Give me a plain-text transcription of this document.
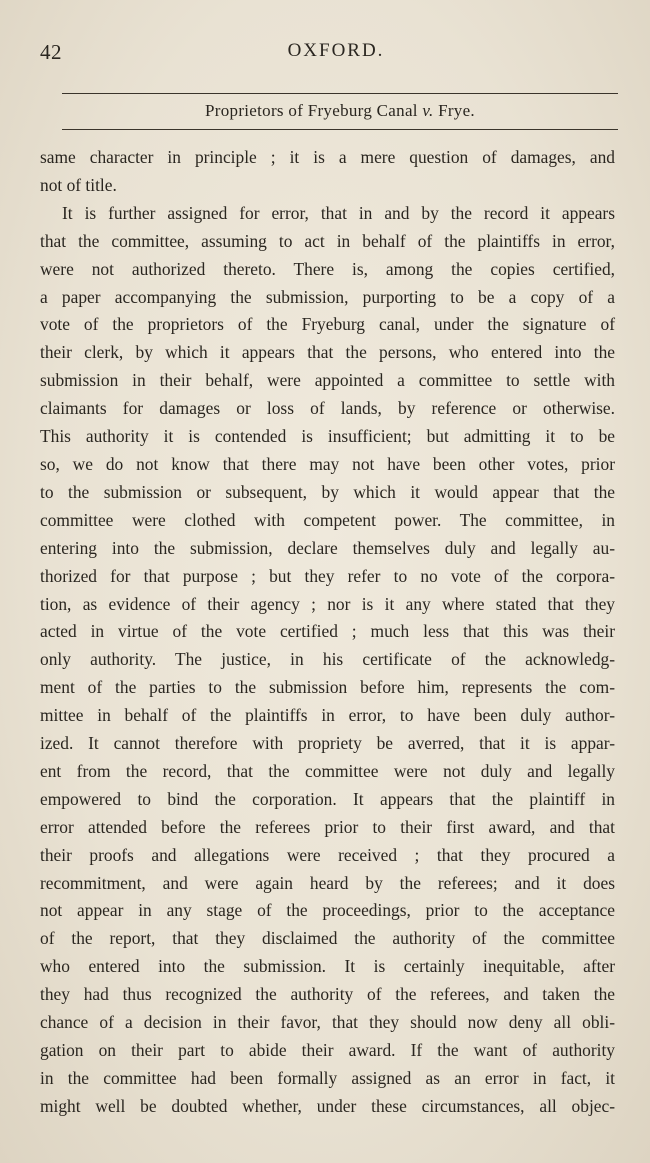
42	OXFORD.
Proprietors of Fryeburg Canal v. Frye.
same character in principle ; it is a mere question of damages, and
not of title.
It is further assigned for error, that in and by the record it appears
that the committee, assuming to act in behalf of the plaintiffs in error,
were not authorized thereto. There is, among the copies certified,
a paper accompanying the submission, purporting to be a copy of a
vote of the proprietors of the Fryeburg canal, under the signature of
their clerk, by which it appears that the persons, who entered into the
submission in their behalf, were appointed a committee to settle with
claimants for damages or loss of lands, by reference or otherwise.
This authority it is contended is insufficient; but admitting it to be
so, we do not know that there may not have been other votes, prior
to the submission or subsequent, by which it would appear that the
committee were clothed with competent power. The committee, in
entering into the submission, declare themselves duly and legally au-
thorized for that purpose ; but they refer to no vote of the corpora-
tion, as evidence of their agency ; nor is it any where stated that they
acted in virtue of the vote certified ; much less that this was their
only authority. The justice, in his certificate of the acknowledg-
ment of the parties to the submission before him, represents the com-
mittee in behalf of the plaintiffs in error, to have been duly author-
ized. It cannot therefore with propriety be averred, that it is appar-
ent from the record, that the committee were not duly and legally
empowered to bind the corporation. It appears that the plaintiff in
error attended before the referees prior to their first award, and that
their proofs and allegations were received ; that they procured a
recommitment, and were again heard by the referees; and it does
not appear in any stage of the proceedings, prior to the acceptance
of the report, that they disclaimed the authority of the committee
who entered into the submission. It is certainly inequitable, after
they had thus recognized the authority of the referees, and taken the
chance of a decision in their favor, that they should now deny all obli-
gation on their part to abide their award. If the want of authority
in the committee had been formally assigned as an error in fact, it
might well be doubted whether, under these circumstances, all objec-
